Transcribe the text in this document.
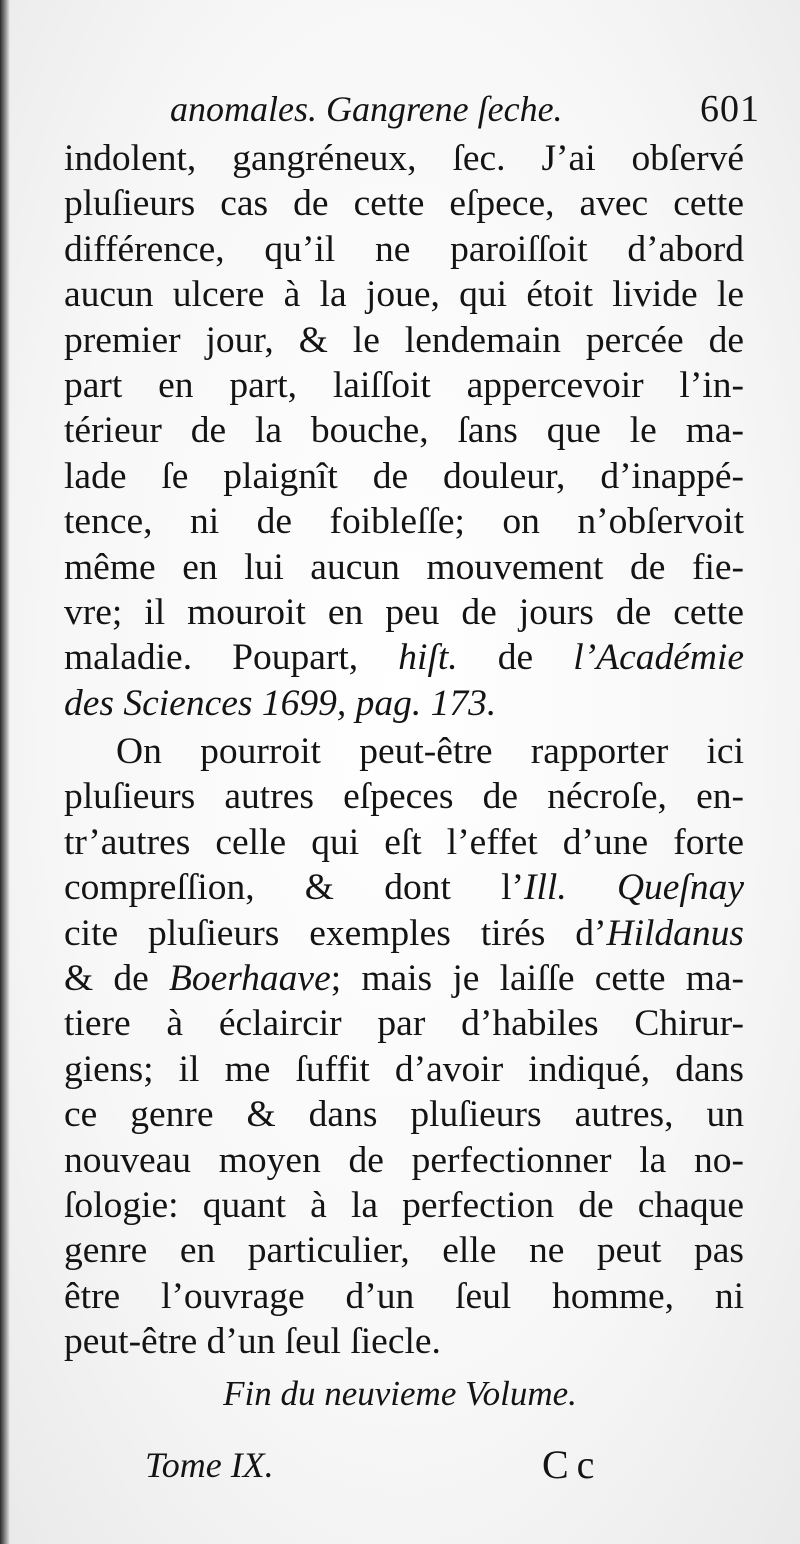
anomales. Gangrene ſeche.	601
indolent, gangréneux, ſec. J’ai obſervé
pluſieurs cas de cette eſpece, avec cette
différence, qu’il ne paroiſſoit d’abord
aucun ulcere à la joue, qui étoit livide le
premier jour, & le lendemain percée de
part en part, laiſſoit appercevoir l’in-
térieur de la bouche, ſans que le ma-
lade ſe plaignît de douleur, d’inappé-
tence, ni de foibleſſe; on n’obſervoit
même en lui aucun mouvement de fie-
vre; il mouroit en peu de jours de cette
maladie. Poupart, hiſt. de l’Académie
des Sciences 1699, pag. 173.
On pourroit peut-être rapporter ici
pluſieurs autres eſpeces de nécroſe, en-
tr’autres celle qui eſt l’effet d’une forte
compreſſion, & dont l’Ill. Queſnay
cite pluſieurs exemples tirés d’Hildanus
& de Boerhaave; mais je laiſſe cette ma-
tiere à éclaircir par d’habiles Chirur-
giens; il me ſuffit d’avoir indiqué, dans
ce genre & dans pluſieurs autres, un
nouveau moyen de perfectionner la no-
ſologie: quant à la perfection de chaque
genre en particulier, elle ne peut pas
être l’ouvrage d’un ſeul homme, ni
peut-être d’un ſeul ſiecle.
Fin du neuvieme Volume.
Tome IX.	Cc
